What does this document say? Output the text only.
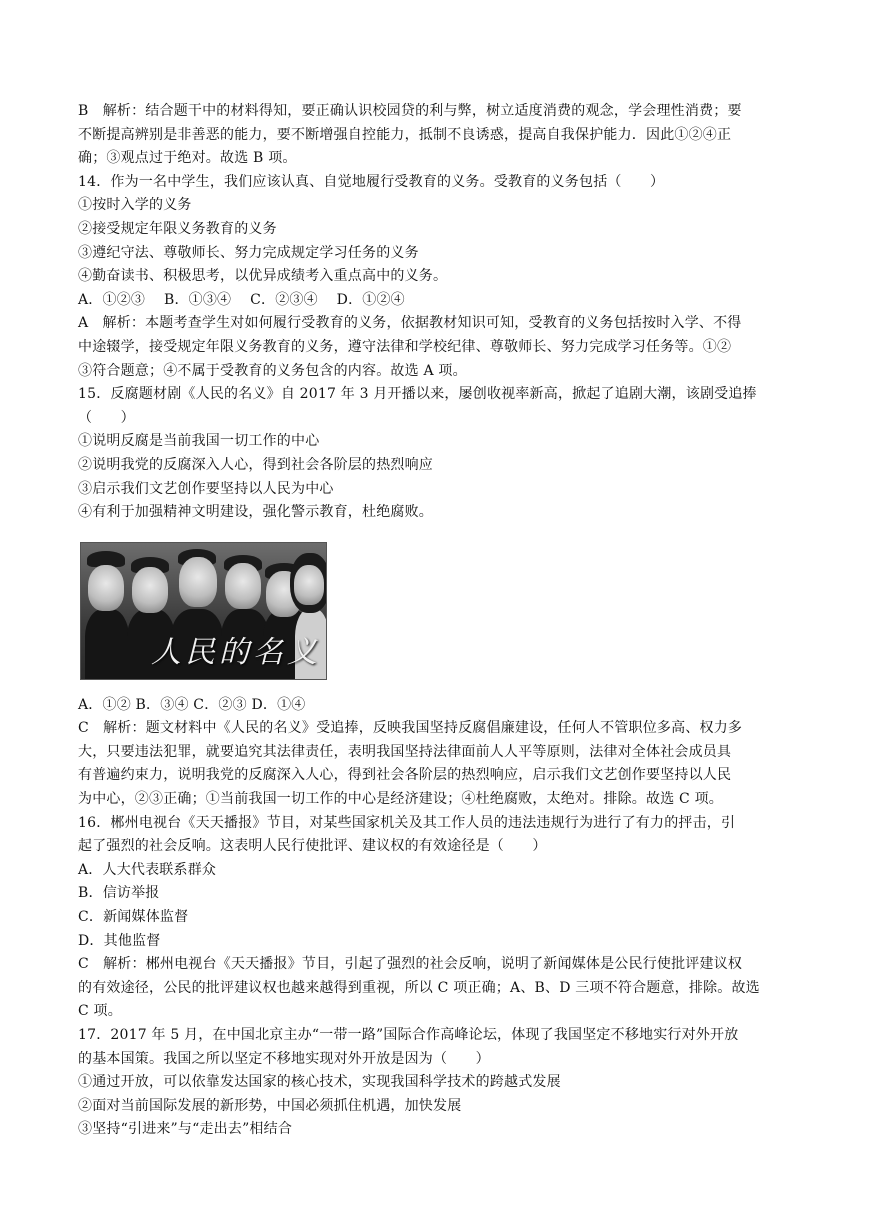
B　解析：结合题干中的材料得知，要正确认识校园贷的利与弊，树立适度消费的观念，学会理性消费；要

不断提高辨别是非善恶的能力，要不断增强自控能力，抵制不良诱惑，提高自我保护能力．因此①②④正

确；③观点过于绝对。故选 B 项。

14．作为一名中学生，我们应该认真、自觉地履行受教育的义务。受教育的义务包括（　　）

①按时入学的义务

②接受规定年限义务教育的义务

③遵纪守法、尊敬师长、努力完成规定学习任务的义务

④勤奋读书、积极思考，以优异成绩考入重点高中的义务。

A．①②③　 B．①③④　 C．②③④　 D．①②④

A　解析：本题考查学生对如何履行受教育的义务，依据教材知识可知，受教育的义务包括按时入学、不得

中途辍学，接受规定年限义务教育的义务，遵守法律和学校纪律、尊敬师长、努力完成学习任务等。①②

③符合题意；④不属于受教育的义务包含的内容。故选 A 项。

15．反腐题材剧《人民的名义》自 2017 年 3 月开播以来，屡创收视率新高，掀起了追剧大潮，该剧受追捧

（　　）

①说明反腐是当前我国一切工作的中心

②说明我党的反腐深入人心，得到社会各阶层的热烈响应

③启示我们文艺创作要坚持以人民为中心

④有利于加强精神文明建设，强化警示教育，杜绝腐败。

人民的名义

A．①② B．③④ C．②③ D．①④

C　解析：题文材料中《人民的名义》受追捧，反映我国坚持反腐倡廉建设，任何人不管职位多高、权力多

大，只要违法犯罪，就要追究其法律责任，表明我国坚持法律面前人人平等原则，法律对全体社会成员具

有普遍约束力，说明我党的反腐深入人心，得到社会各阶层的热烈响应，启示我们文艺创作要坚持以人民

为中心，②③正确；①当前我国一切工作的中心是经济建设；④杜绝腐败，太绝对。排除。故选 C 项。

16．郴州电视台《天天播报》节目，对某些国家机关及其工作人员的违法违规行为进行了有力的抨击，引

起了强烈的社会反响。这表明人民行使批评、建议权的有效途径是（　　）

A．人大代表联系群众

B．信访举报

C．新闻媒体监督

D．其他监督

C　解析：郴州电视台《天天播报》节目，引起了强烈的社会反响，说明了新闻媒体是公民行使批评建议权

的有效途径，公民的批评建议权也越来越得到重视，所以 C 项正确；A、B、D 三项不符合题意，排除。故选

C 项。

17．2017 年 5 月，在中国北京主办“一带一路”国际合作高峰论坛，体现了我国坚定不移地实行对外开放

的基本国策。我国之所以坚定不移地实现对外开放是因为（　　）

①通过开放，可以依靠发达国家的核心技术，实现我国科学技术的跨越式发展

②面对当前国际发展的新形势，中国必须抓住机遇，加快发展

③坚持“引进来”与“走出去”相结合
